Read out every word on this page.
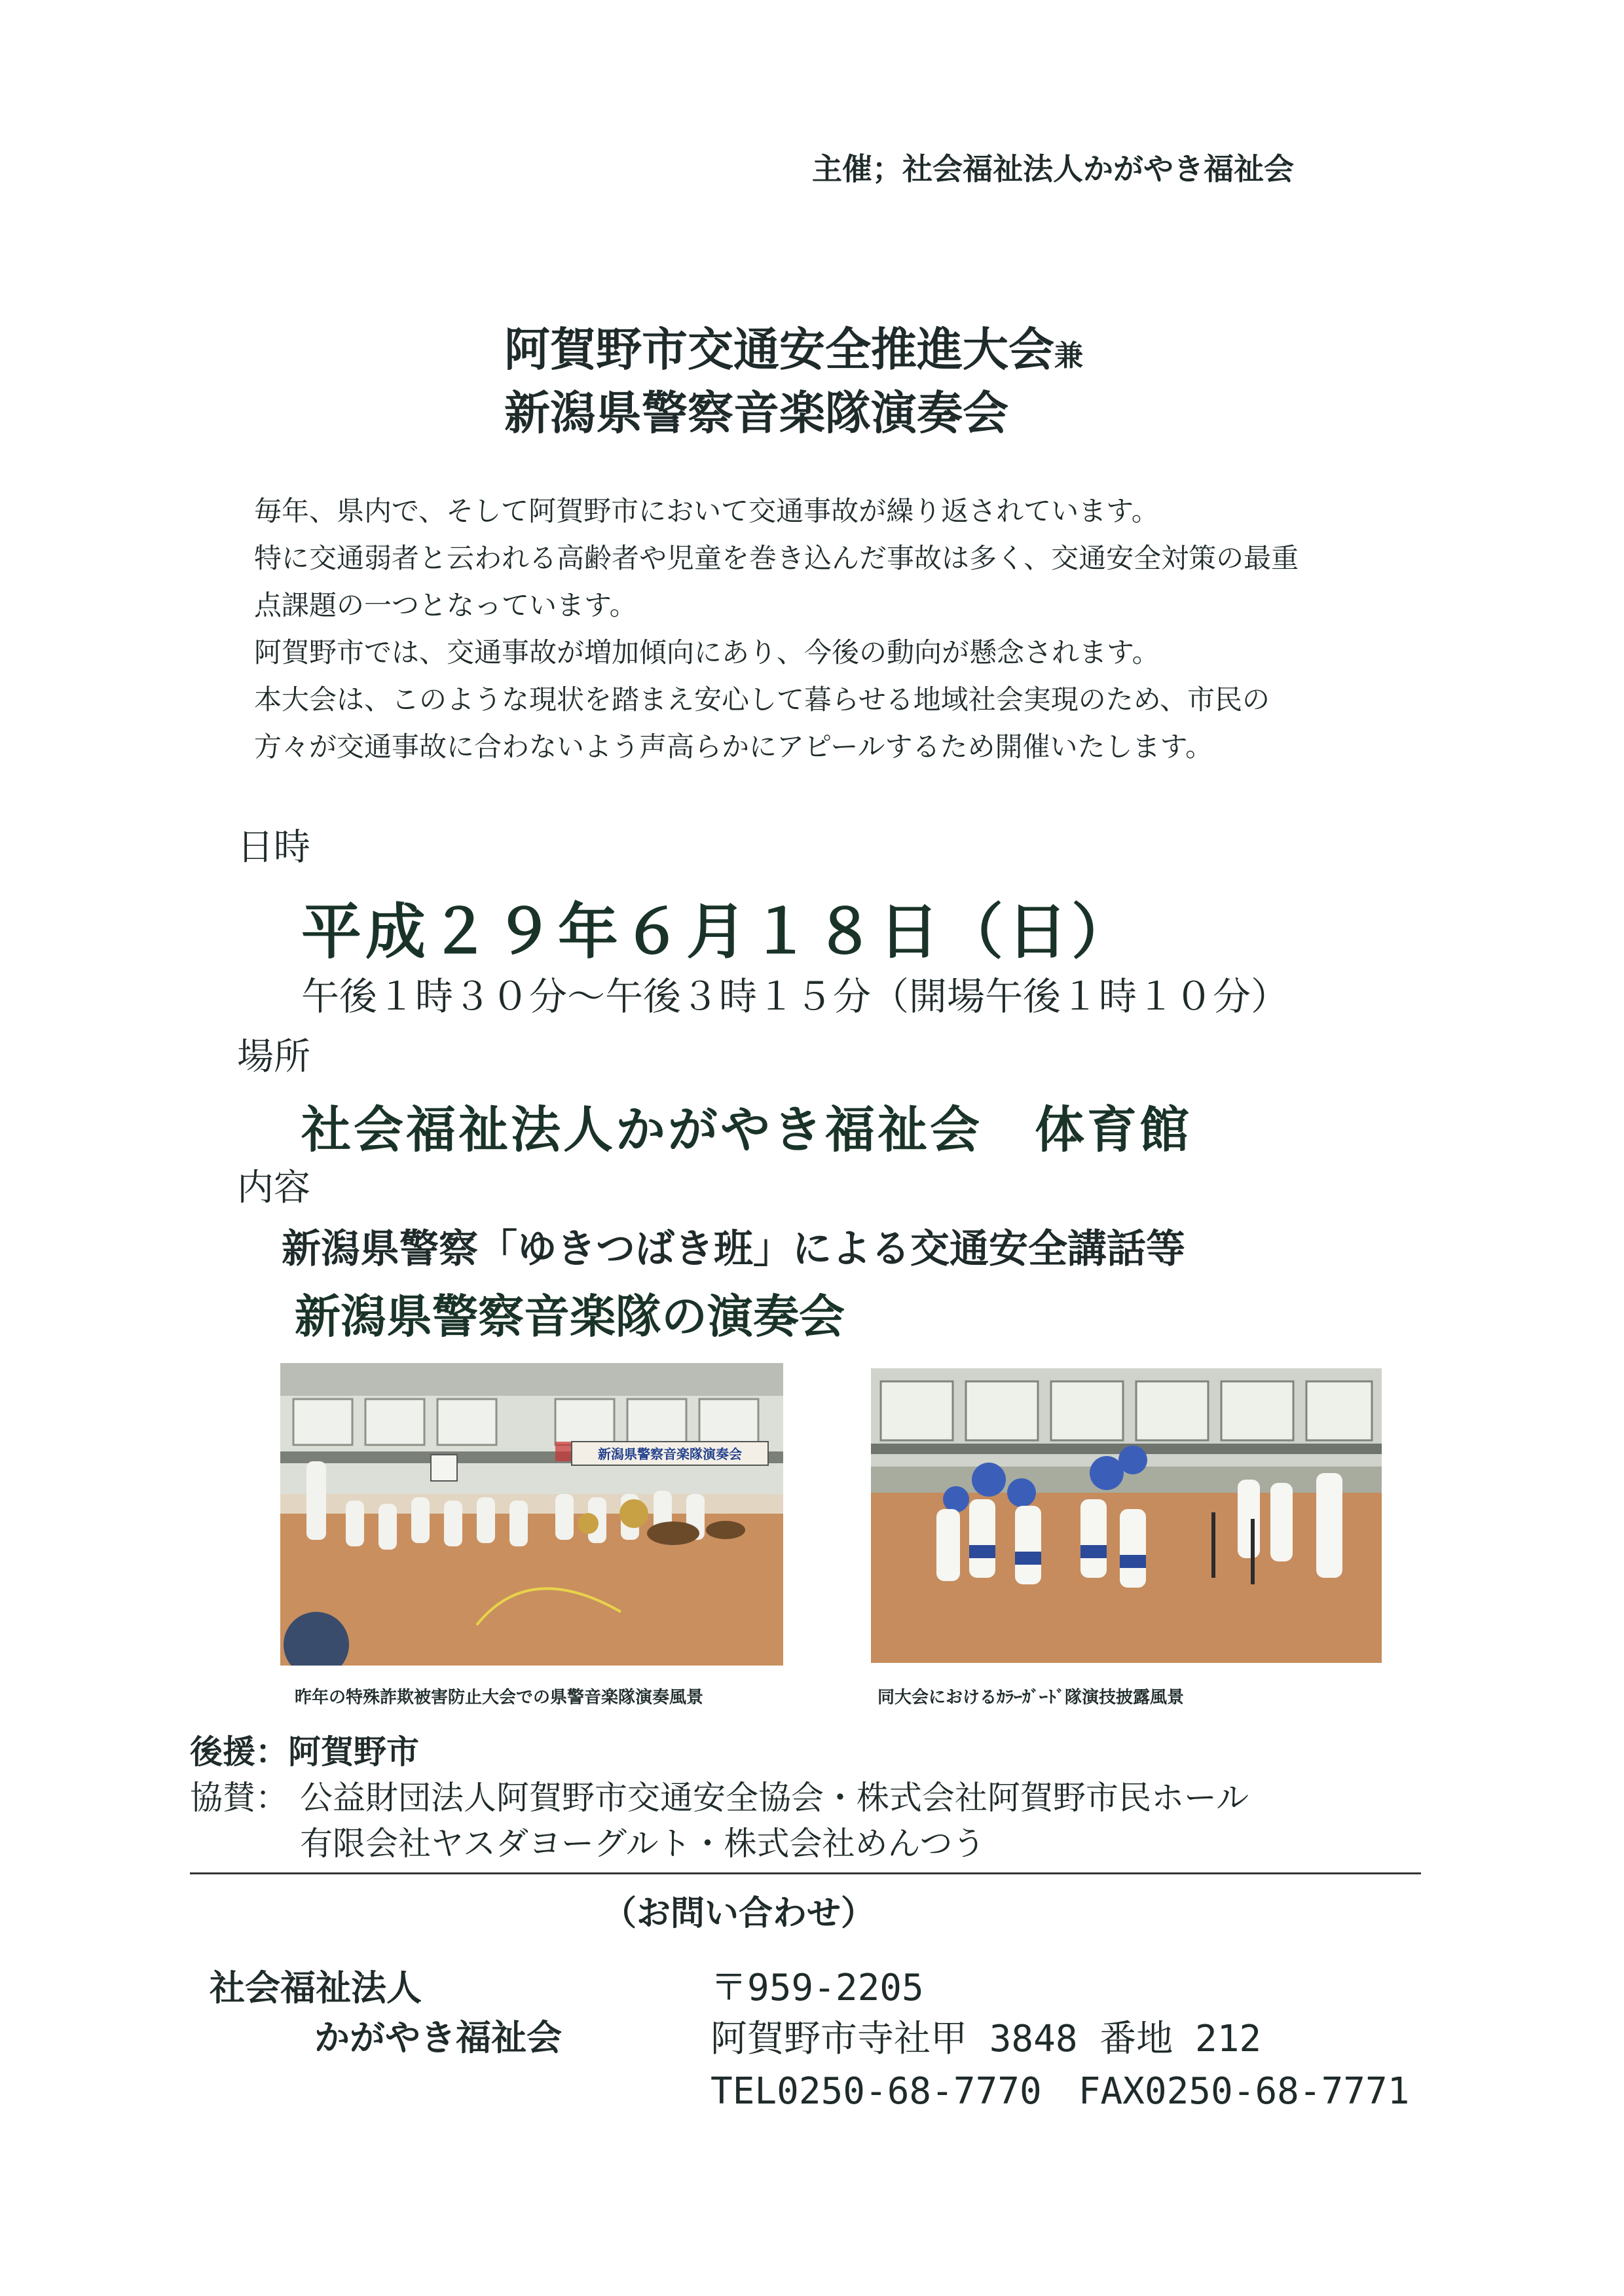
主催；社会福祉法人かがやき福祉会
阿賀野市交通安全推進大会兼
新潟県警察音楽隊演奏会
毎年、県内で、そして阿賀野市において交通事故が繰り返されています。
特に交通弱者と云われる高齢者や児童を巻き込んだ事故は多く、交通安全対策の最重
点課題の一つとなっています。
阿賀野市では、交通事故が増加傾向にあり、今後の動向が懸念されます。
本大会は、このような現状を踏まえ安心して暮らせる地域社会実現のため、市民の
方々が交通事故に合わないよう声高らかにアピールするため開催いたします。
日時
平成２９年６月１８日（日）
午後１時３０分～午後３時１５分（開場午後１時１０分）
場所
社会福祉法人かがやき福祉会　体育館
内容
新潟県警察「ゆきつばき班」による交通安全講話等
新潟県警察音楽隊の演奏会
新潟県警察音楽隊演奏会
昨年の特殊詐欺被害防止大会での県警音楽隊演奏風景	同大会におけるｶﾗｰｶﾞｰﾄﾞ隊演技披露風景
後援：阿賀野市
協賛： 公益財団法人阿賀野市交通安全協会・株式会社阿賀野市民ホール
有限会社ヤスダヨーグルト・株式会社めんつう
（お問い合わせ）
社会福祉法人
かがやき福祉会
〒959-2205
阿賀野市寺社甲 3848 番地 212
TEL0250-68-7770　FAX0250-68-7771
